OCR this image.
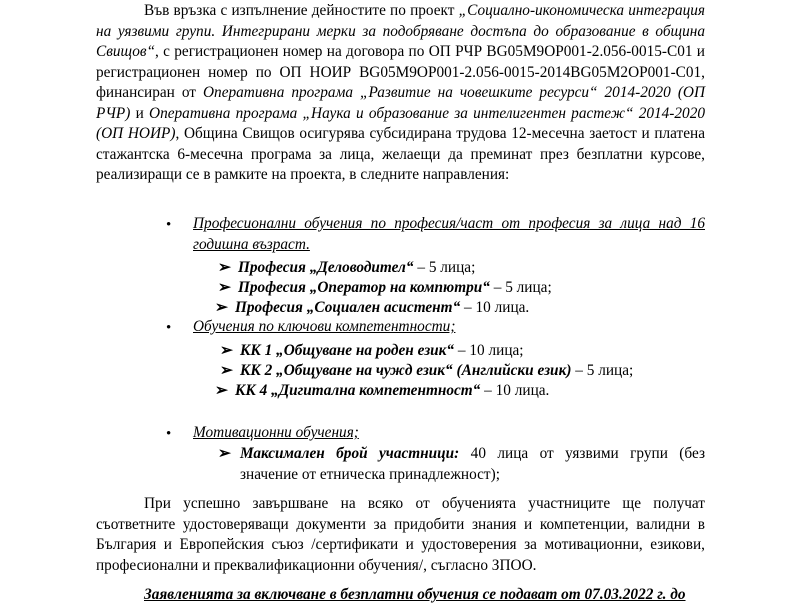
Във връзка с изпълнение дейностите по проект „Социално-икономическа интеграция на уязвими групи. Интегрирани мерки за подобряване достъпа до образование в община Свищов“, с регистрационен номер на договора по ОП РЧР BG05M9OP001-2.056-0015-C01 и регистрационен номер по ОП НОИР BG05M9OP001-2.056-0015-2014BG05M2OP001-C01, финансиран от Оперативна програма „Развитие на човешките ресурси“ 2014-2020 (ОП РЧР) и Оперативна програма „Наука и образование за интелигентен растеж“ 2014-2020 (ОП НОИР), Община Свищов осигурява субсидирана трудова 12-месечна заетост и платена стажантска 6-месечна програма за лица, желаещи да преминат през безплатни курсове, реализиращи се в рамките на проекта, в следните направления:

• Професионални обучения по професия/част от професия за лица над 16 годишна възраст.

➢ Професия „Деловодител“ – 5 лица;
➢ Професия „Оператор на компютри“ – 5 лица;
➢ Професия „Социален асистент“ – 10 лица.
• Обучения по ключови компетентности;

➢ КК 1 „Общуване на роден език“ – 10 лица;
➢ КК 2 „Общуване на чужд език“ (Английски език) – 5 лица;
➢ КК 4 „Дигитална компетентност“ – 10 лица.
• Мотивационни обучения;

➢ Максимален брой участници: 40 лица от уязвими групи (без значение от етническа принадлежност);

При успешно завършване на всяко от обученията участниците ще получат съответните удостоверяващи документи за придобити знания и компетенции, валидни в България и Европейския съюз /сертификати и удостоверения за мотивационни, езикови, професионални и преквалификационни обучения/, съгласно ЗПОО.

Заявленията за включване в безплатни обучения се подават от 07.03.2022 г. до
